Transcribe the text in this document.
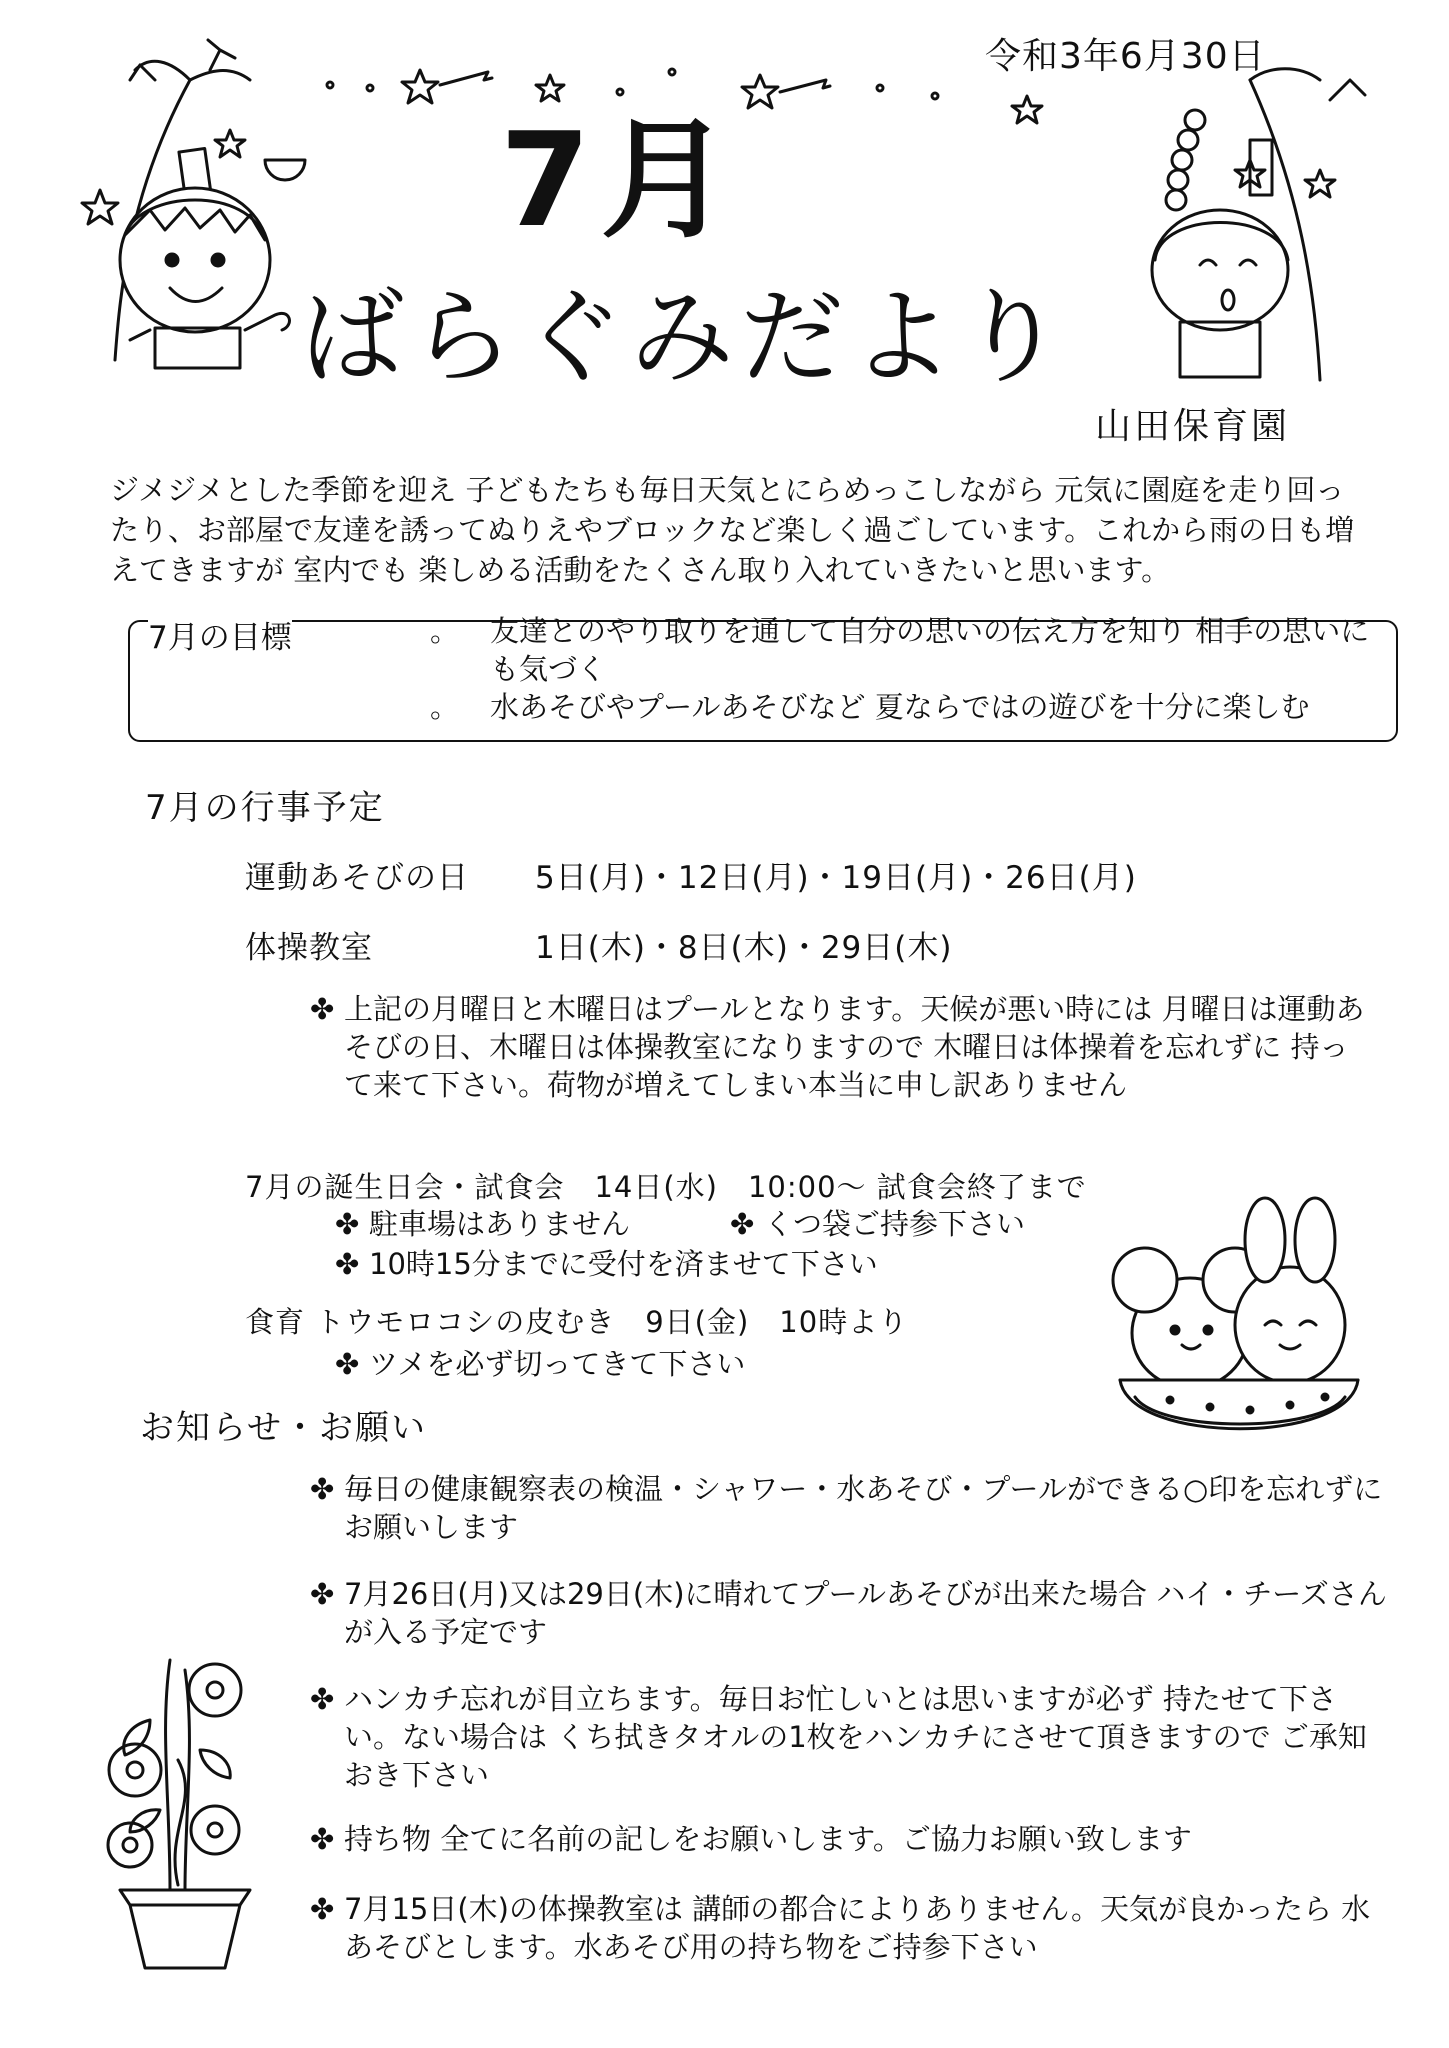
令和3年6月30日
7月
ばらぐみだより
山田保育園
ジメジメとした季節を迎え 子どもたちも毎日天気とにらめっこしながら 元気に園庭を走り回ったり、お部屋で友達を誘ってぬりえやブロックなど楽しく過ごしています。これから雨の日も増えてきますが 室内でも 楽しめる活動をたくさん取り入れていきたいと思います。
7月の目標	。 友達とのやり取りを通して自分の思いの伝え方を知り 相手の思いにも気づく
。 水あそびやプールあそびなど 夏ならではの遊びを十分に楽しむ
7月の行事予定
運動あそびの日 5日(月)・12日(月)・19日(月)・26日(月)
体操教室	1日(木)・8日(木)・29日(木)
✤ 上記の月曜日と木曜日はプールとなります。天候が悪い時には 月曜日は運動あそびの日、木曜日は体操教室になりますので 木曜日は体操着を忘れずに 持って来て下さい。荷物が増えてしまい本当に申し訳ありません
7月の誕生日会・試食会　14日(水)　10:00〜 試食会終了まで
✤ 駐車場はありません	✤ くつ袋ご持参下さい
✤ 10時15分までに受付を済ませて下さい
食育 トウモロコシの皮むき　9日(金)　10時より
✤ ツメを必ず切ってきて下さい
お知らせ・お願い
✤ 毎日の健康観察表の検温・シャワー・水あそび・プールができる○印を忘れずにお願いします
✤ 7月26日(月)又は29日(木)に晴れてプールあそびが出来た場合 ハイ・チーズさんが入る予定です
✤ ハンカチ忘れが目立ちます。毎日お忙しいとは思いますが必ず 持たせて下さい。ない場合は くち拭きタオルの1枚をハンカチにさせて頂きますので ご承知おき下さい
✤ 持ち物 全てに名前の記しをお願いします。ご協力お願い致します
✤ 7月15日(木)の体操教室は 講師の都合によりありません。天気が良かったら 水あそびとします。水あそび用の持ち物をご持参下さい
